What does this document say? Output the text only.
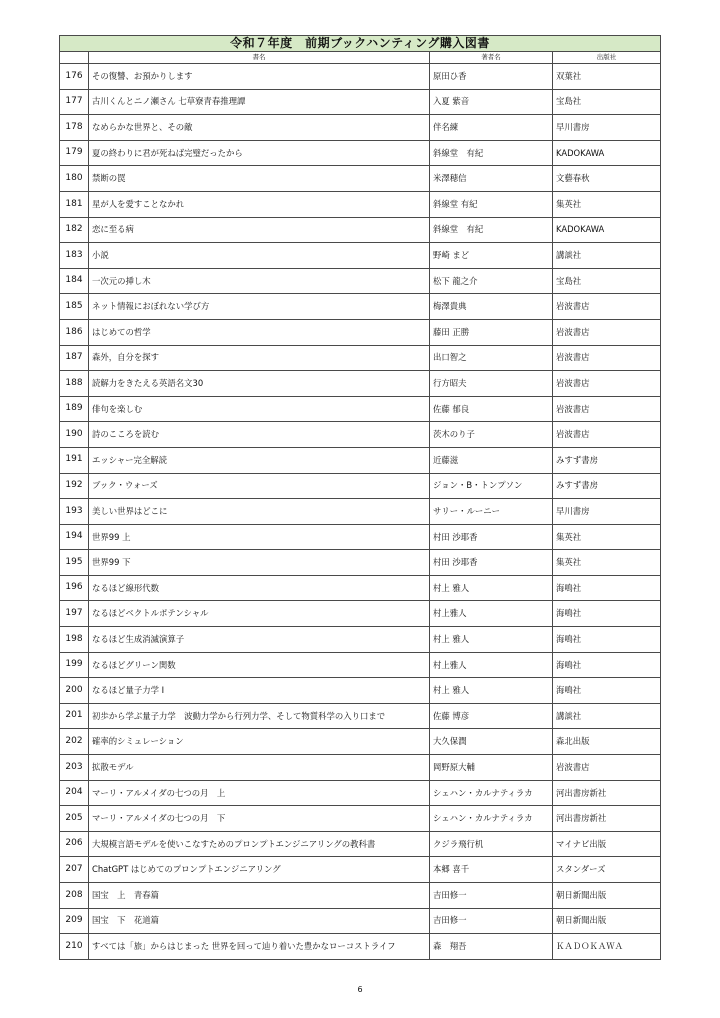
令和７年度　前期ブックハンティング購入図書			
	書名	著者名	出版社
176	その復讐、お預かりします	原田ひ香	双葉社
177	古川くんとニノ瀬さん 七草寮青春推理譚	入夏 紫音	宝島社
178	なめらかな世界と、その敵	伴名練	早川書房
179	夏の終わりに君が死ねば完璧だったから	斜線堂　有紀	KADOKAWA
180	禁断の罠	米澤穂信	文藝春秋
181	星が人を愛すことなかれ	斜線堂 有紀	集英社
182	恋に至る病	斜線堂　有紀	KADOKAWA
183	小説	野崎 まど	講談社
184	一次元の挿し木	松下 龍之介	宝島社
185	ネット情報におぼれない学び方	梅澤貴典	岩波書店
186	はじめての哲学	藤田 正勝	岩波書店
187	森外，自分を探す	出口智之	岩波書店
188	読解力をきたえる英語名文30	行方昭夫	岩波書店
189	俳句を楽しむ	佐藤 郁良	岩波書店
190	詩のこころを読む	茨木のり子	岩波書店
191	エッシャー完全解読	近藤滋	みすず書房
192	ブック・ウォーズ	ジョン・B・トンプソン	みすず書房
193	美しい世界はどこに	サリー・ルーニー	早川書房
194	世界99 上	村田 沙耶香	集英社
195	世界99 下	村田 沙耶香	集英社
196	なるほど線形代数	村上 雅人	海鳴社
197	なるほどベクトルポテンシャル	村上雅人	海鳴社
198	なるほど生成消滅演算子	村上 雅人	海鳴社
199	なるほどグリーン関数	村上雅人	海鳴社
200	なるほど量子力学 I	村上 雅人	海鳴社
201	初歩から学ぶ量子力学　波動力学から行列力学、そして物質科学の入り口まで	佐藤 博彦	講談社
202	確率的シミュレーション	大久保潤	森北出版
203	拡散モデル	岡野原大輔	岩波書店
204	マーリ・アルメイダの七つの月　上	シェハン・カルナティラカ	河出書房新社
205	マーリ・アルメイダの七つの月　下	シェハン・カルナティラカ	河出書房新社
206	大規模言語モデルを使いこなすためのプロンプトエンジニアリングの教科書	クジラ飛行机	マイナビ出版
207	ChatGPT はじめてのプロンプトエンジニアリング	本郷 喜千	スタンダーズ
208	国宝　上　青春篇	吉田修一	朝日新聞出版
209	国宝　下　花道篇	吉田修一	朝日新聞出版
210	すべては「旅」からはじまった 世界を回って辿り着いた豊かなローコストライフ	森　翔吾	ＫＡＤＯＫＡＷＡ
6
